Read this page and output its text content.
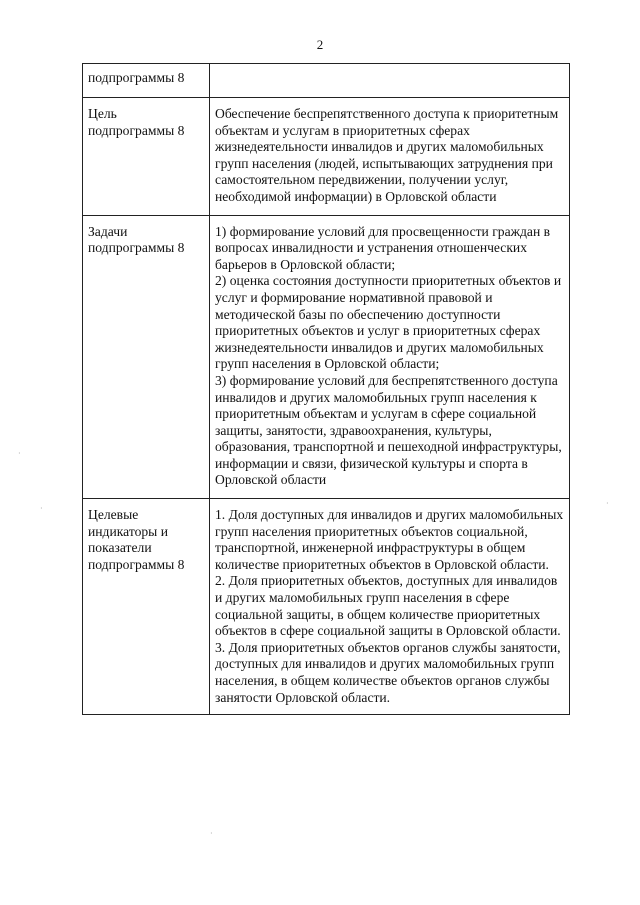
2
подпрограммы 8	

Цель подпрограммы 8	Обеспечение беспрепятственного доступа к приоритетным объектам и услугам в приоритетных сферах жизнедеятельности инвалидов и других маломобильных групп населения (людей, испытывающих затруднения при самостоятельном передвижении, получении услуг, необходимой информации) в Орловской области

Задачи подпрограммы 8	1) формирование условий для просвещенности граждан в вопросах инвалидности и устранения отношенческих барьеров в Орловской области;
2) оценка состояния доступности приоритетных объектов и услуг и формирование нормативной правовой и методической базы по обеспечению доступности приоритетных объектов и услуг в приоритетных сферах жизнедеятельности инвалидов и других маломобильных групп населения в Орловской области;
3) формирование условий для беспрепятственного доступа инвалидов и других маломобильных групп населения к приоритетным объектам и услугам в сфере социальной защиты, занятости, здравоохранения, культуры, образования, транспортной и пешеходной инфраструктуры, информации и связи, физической культуры и спорта в Орловской области

Целевые индикаторы и показатели подпрограммы 8	1. Доля доступных для инвалидов и других маломобильных групп населения приоритетных объектов социальной, транспортной, инженерной инфраструктуры в общем количестве приоритетных объектов в Орловской области.
2. Доля приоритетных объектов, доступных для инвалидов и других маломобильных групп населения в сфере социальной защиты, в общем количестве приоритетных объектов в сфере социальной защиты в Орловской области.
3. Доля приоритетных объектов органов службы занятости, доступных для инвалидов и других маломобильных групп населения, в общем количестве объектов органов службы занятости Орловской области.
·
·
·
·
